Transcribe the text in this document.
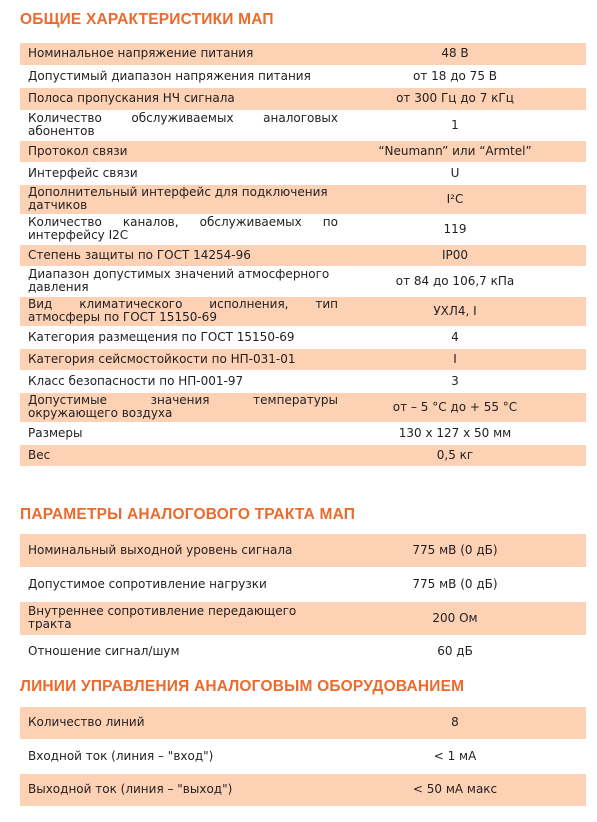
ОБЩИЕ ХАРАКТЕРИСТИКИ МАП
Номинальное напряжение питания	48 В
Допустимый диапазон напряжения питания	от 18 до 75 В
Полоса пропускания НЧ сигнала	от 300 Гц до 7 кГц

Количество обслуживаемых аналоговых абонентов	1
Протокол связи	“Neumann” или “Armtel”
Интерфейс связи	U
Дополнительный интерфейс для подключения датчиков	I²C

Количество каналов, обслуживаемых по интерфейсу I2C	119
Степень защиты по ГОСТ 14254-96	IP00
Диапазон допустимых значений атмосферного давления	от 84 до 106,7 кПа

Вид климатического исполнения, тип атмосферы по ГОСТ 15150-69	УХЛ4, I
Категория размещения по ГОСТ 15150-69	4
Категория сейсмостойкости по НП-031-01	I
Класс безопасности по НП-001-97	3

Допустимые значения температуры окружающего воздуха	от – 5 °С до + 55 °С
Размеры	130 х 127 х 50 мм
Вес	0,5 кг
ПАРАМЕТРЫ АНАЛОГОВОГО ТРАКТА МАП
Номинальный выходной уровень сигнала	775 мВ (0 дБ)
Допустимое сопротивление нагрузки	775 мВ (0 дБ)
Внутреннее сопротивление передающего тракта	200 Ом
Отношение сигнал/шум	60 дБ
ЛИНИИ УПРАВЛЕНИЯ АНАЛОГОВЫМ ОБОРУДОВАНИЕМ
Количество линий	8
Входной ток (линия – "вход")	< 1 мА
Выходной ток (линия – "выход")	< 50 мА макс
